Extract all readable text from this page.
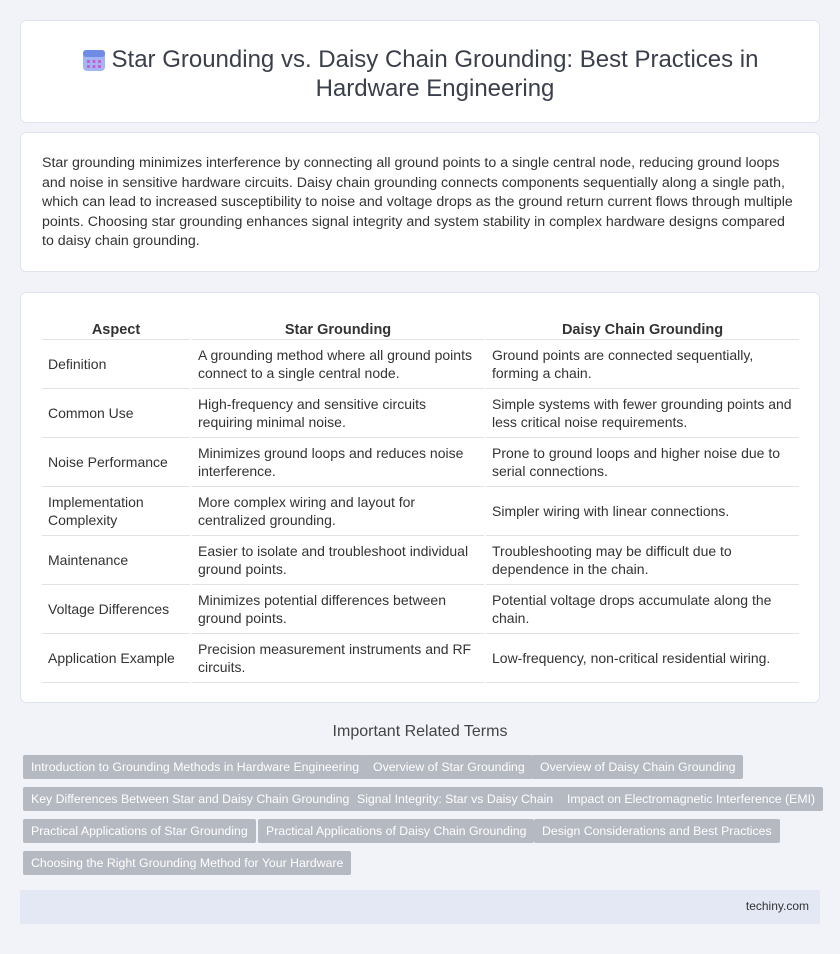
Star Grounding vs. Daisy Chain Grounding: Best Practices in Hardware Engineering

Star grounding minimizes interference by connecting all ground points to a single central node, reducing ground loops and noise in sensitive hardware circuits. Daisy chain grounding connects components sequentially along a single path, which can lead to increased susceptibility to noise and voltage drops as the ground return current flows through multiple points. Choosing star grounding enhances signal integrity and system stability in complex hardware designs compared to daisy chain grounding.

Aspect	Star Grounding	Daisy Chain Grounding
Definition	A grounding method where all ground points connect to a single central node.	Ground points are connected sequentially, forming a chain.
Common Use	High-frequency and sensitive circuits requiring minimal noise.	Simple systems with fewer grounding points and less critical noise requirements.
Noise Performance	Minimizes ground loops and reduces noise interference.	Prone to ground loops and higher noise due to serial connections.
Implementation Complexity	More complex wiring and layout for centralized grounding.	Simpler wiring with linear connections.
Maintenance	Easier to isolate and troubleshoot individual ground points.	Troubleshooting may be difficult due to dependence in the chain.
Voltage Differences	Minimizes potential differences between ground points.	Potential voltage drops accumulate along the chain.
Application Example	Precision measurement instruments and RF circuits.	Low-frequency, non-critical residential wiring.
Important Related Terms
Introduction to Grounding Methods in Hardware Engineering	Overview of Star Grounding	Overview of Daisy Chain Grounding
Key Differences Between Star and Daisy Chain Grounding Signal Integrity: Star vs Daisy Chain	Impact on Electromagnetic Interference (EMI)
Practical Applications of Star Grounding	Practical Applications of Daisy Chain Grounding	Design Considerations and Best Practices
Choosing the Right Grounding Method for Your Hardware
techiny.com
